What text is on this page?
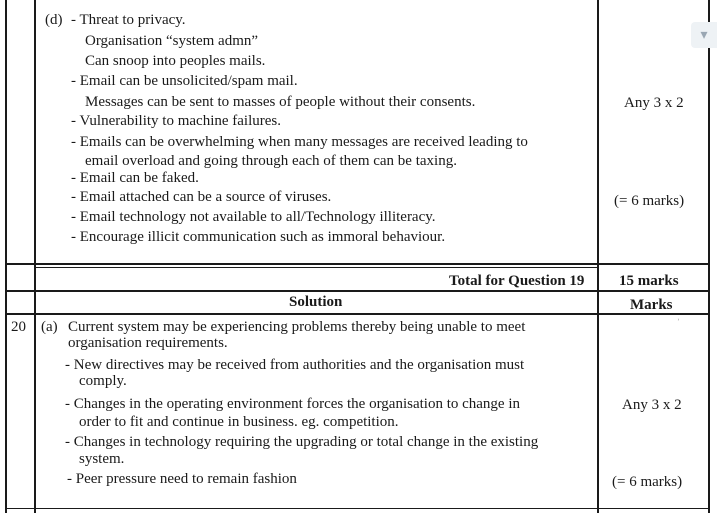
(d) - Threat to privacy.
Organisation “system admn”
Can snoop into peoples mails.
- Email can be unsolicited/spam mail.
Messages can be sent to masses of people without their consents.
- Vulnerability to machine failures.
- Emails can be overwhelming when many messages are received leading to
email overload and going through each of them can be taxing.
- Email can be faked.
- Email attached can be a source of viruses.
- Email technology not available to all/Technology illiteracy.
- Encourage illicit communication such as immoral behaviour.
Any 3 x 2
(= 6 marks)
Total for Question 19 15 marks
Solution	Marks
20 (a) Current system may be experiencing problems thereby being unable to meet
organisation requirements.
- New directives may be received from authorities and the organisation must
comply.
- Changes in the operating environment forces the organisation to change in
order to fit and continue in business. eg. competition.
- Changes in technology requiring the upgrading or total change in the existing
system.
- Peer pressure need to remain fashion
Any 3 x 2
(= 6 marks)
ʾ
▾
